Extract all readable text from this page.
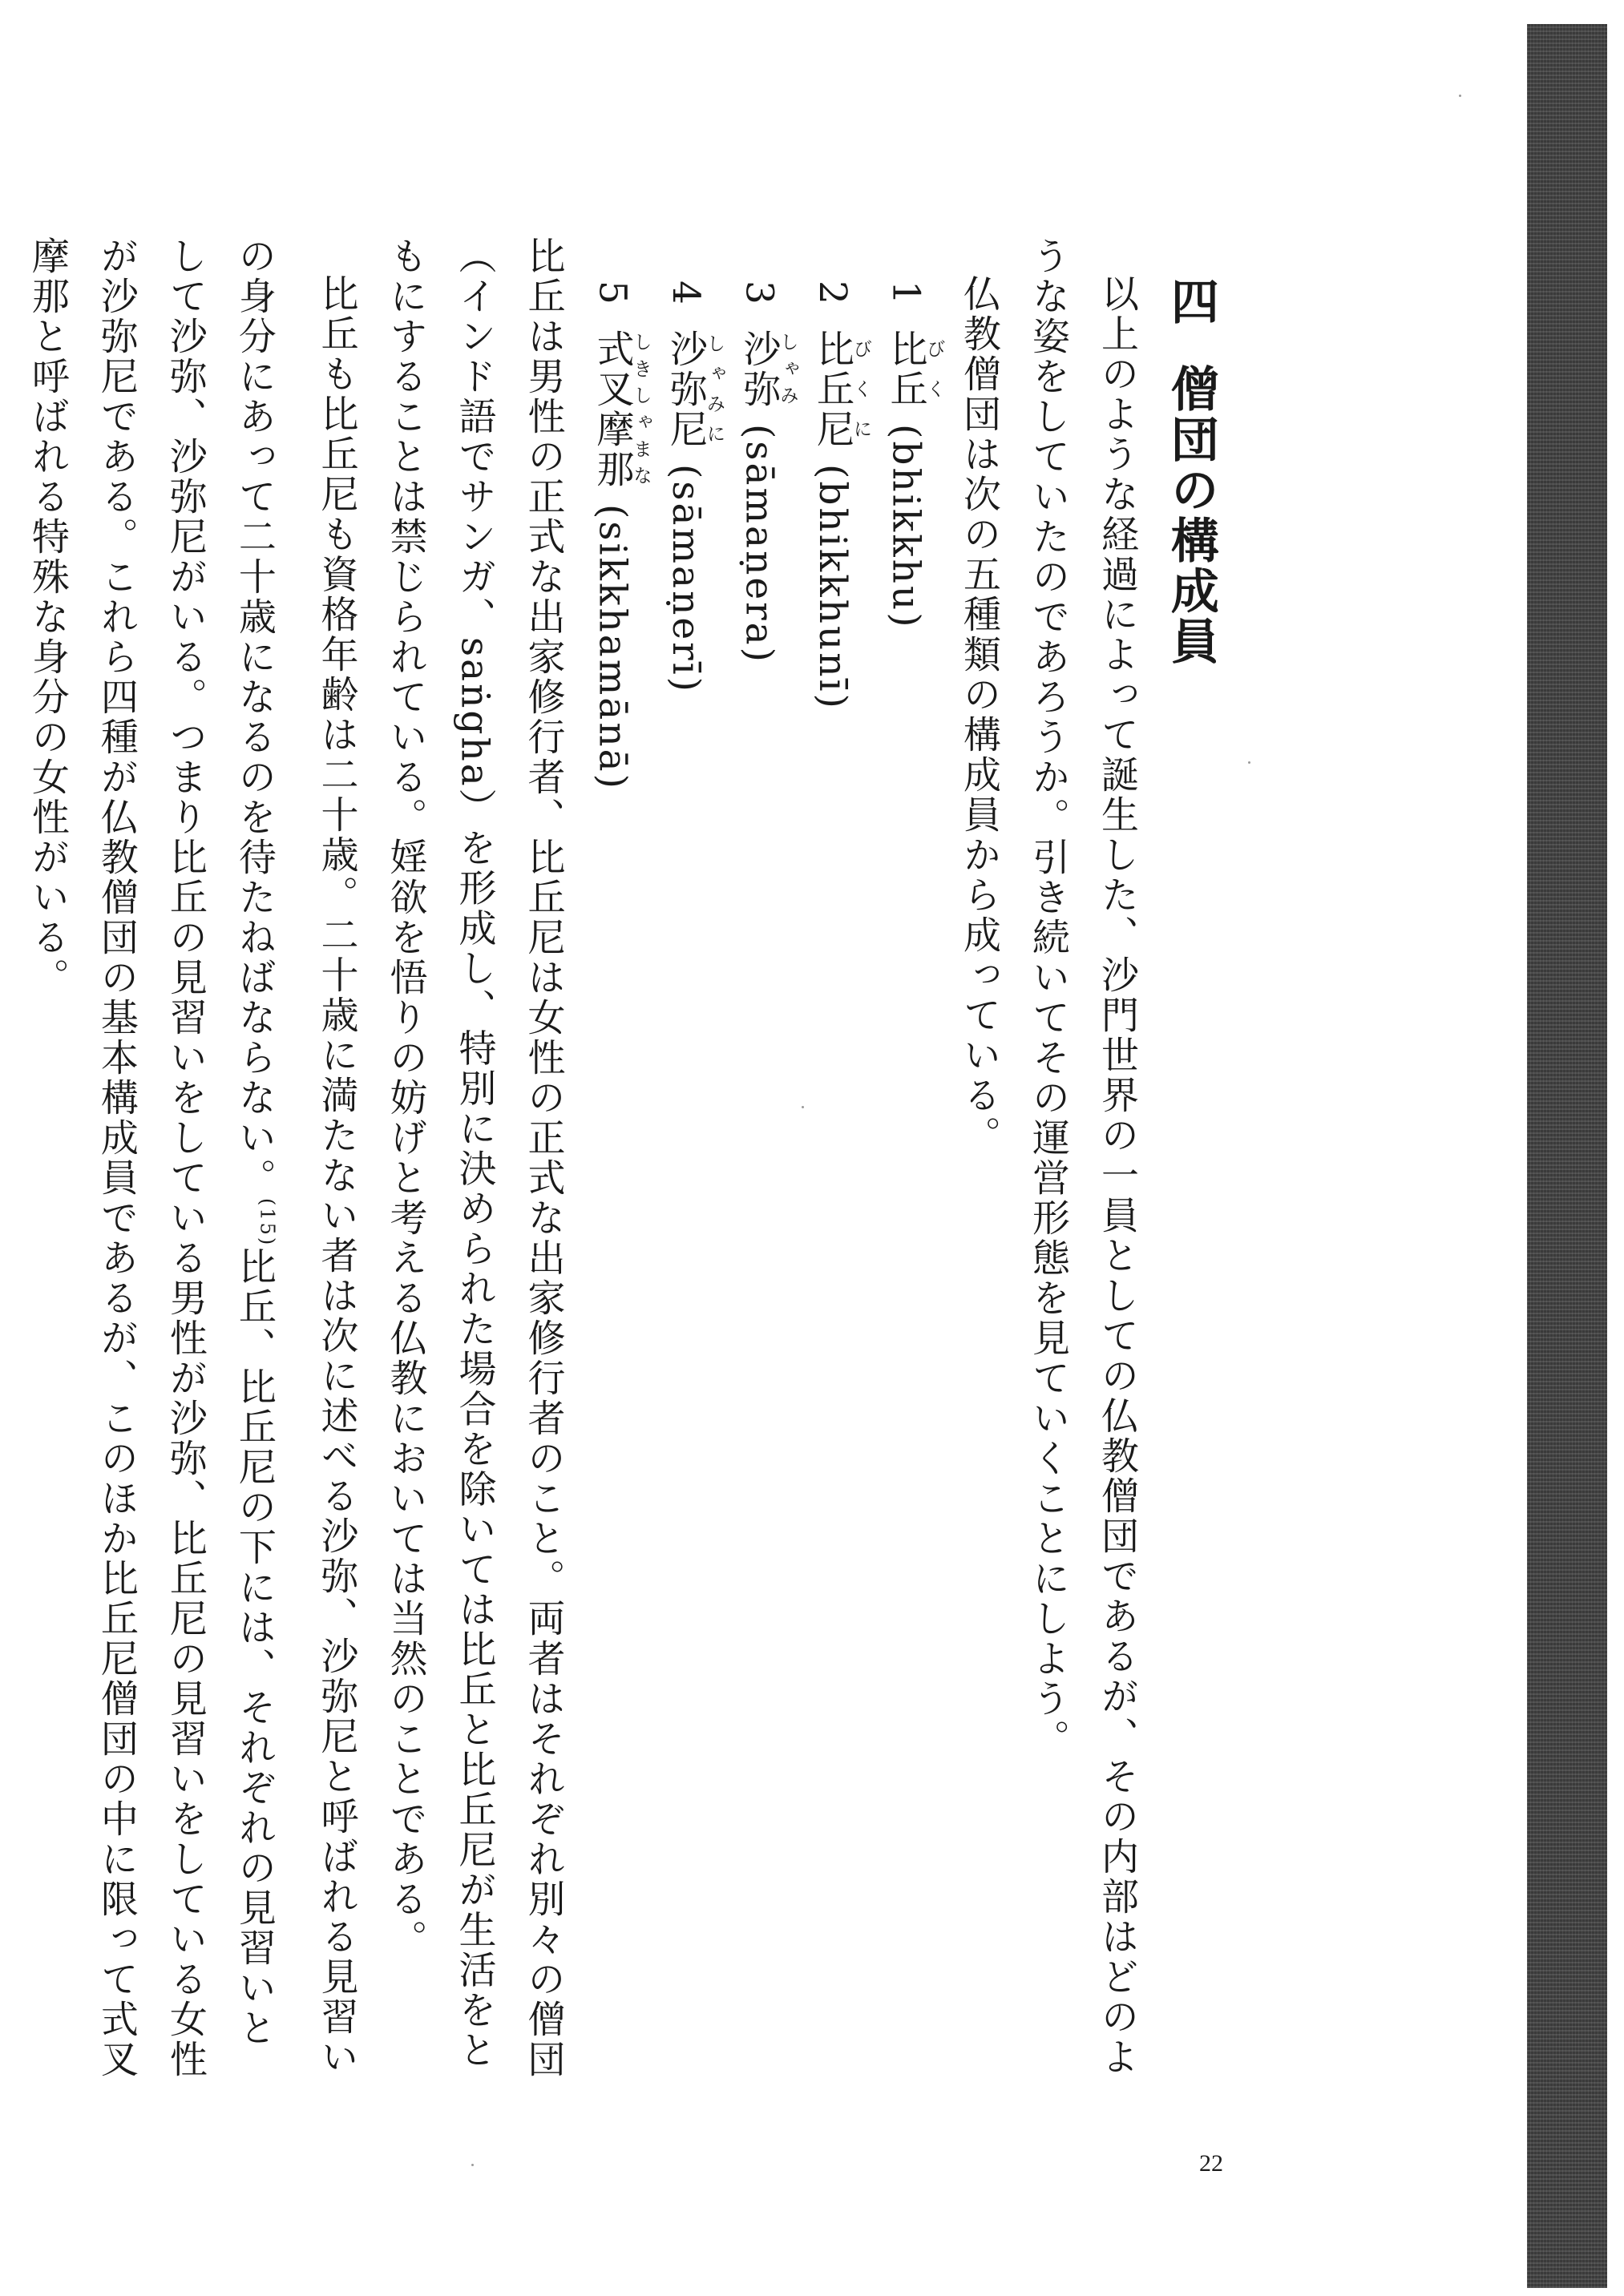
四僧団の構成員

以上のような経過によって誕生した、沙門世界の一員としての仏教僧団であるが、その内部はどのような姿をしていたのであろうか。引き続いてその運営形態を見ていくことにしよう。

仏教僧団は次の五種類の構成員から成っている。

1比丘びく(bhikkhu)
2比丘尼びくに(bhikkhunī)
3沙弥しゃみ(sāmaṇera)
4沙弥尼しゃみに(sāmaṇerī)
5式叉摩那しきしゃまな(sikkhamānā)

比丘は男性の正式な出家修行者、比丘尼は女性の正式な出家修行者のこと。両者はそれぞれ別々の僧団（インド語でサンガ、saṅgha）を形成し、特別に決められた場合を除いては比丘と比丘尼が生活をともにすることは禁じられている。婬欲を悟りの妨げと考える仏教においては当然のことである。

比丘も比丘尼も資格年齢は二十歳。二十歳に満たない者は次に述べる沙弥、沙弥尼と呼ばれる見習いの身分にあって二十歳になるのを待たねばならない。$^{(15)}$比丘、比丘尼の下には、それぞれの見習いとして沙弥、沙弥尼がいる。つまり比丘の見習いをしている男性が沙弥、比丘尼の見習いをしている女性が沙弥尼である。これら四種が仏教僧団の基本構成員であるが、このほか比丘尼僧団の中に限って式叉摩那と呼ばれる特殊な身分の女性がいる。

22
